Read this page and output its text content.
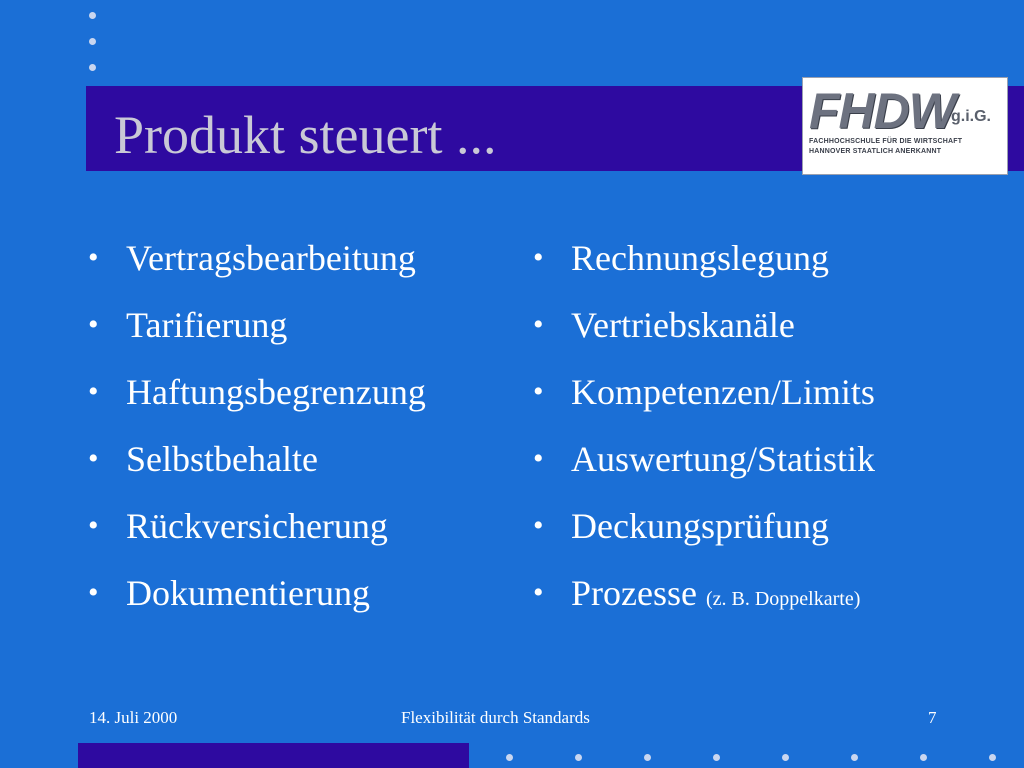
Produkt steuert ...	FHDW
g.i.G.
FACHHOCHSCHULE FÜR DIE WIRTSCHAFT
HANNOVER STAATLICH ANERKANNT
• Vertragsbearbeitung
• Tarifierung
• Haftungsbegrenzung
• Selbstbehalte
• Rückversicherung
• Dokumentierung
• Rechnungslegung
• Vertriebskanäle
• Kompetenzen/Limits
• Auswertung/Statistik
• Deckungsprüfung
• Prozesse (z. B. Doppelkarte)
14. Juli 2000	Flexibilität durch Standards	7
